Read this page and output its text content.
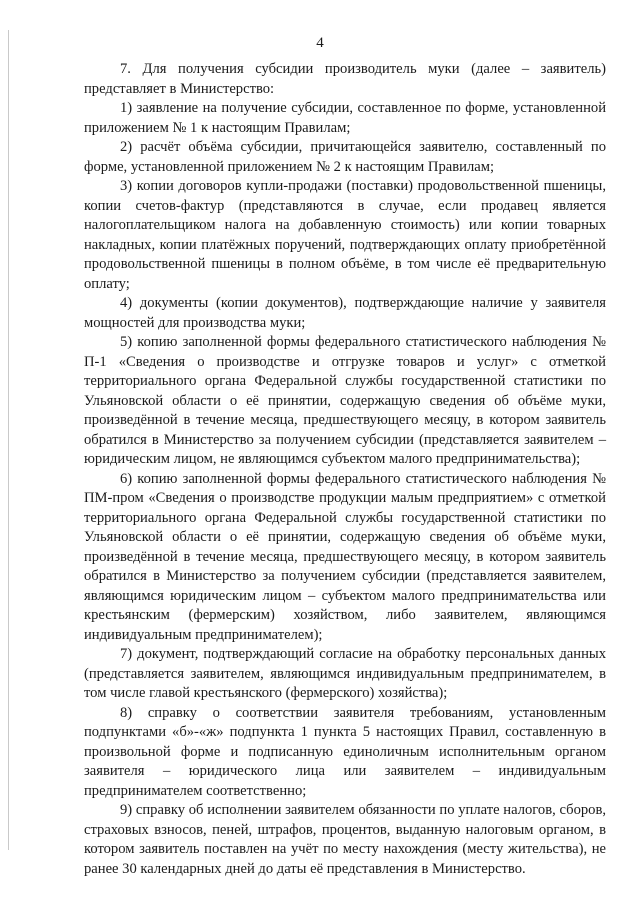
4

7. Для получения субсидии производитель муки (далее – заявитель) представляет в Министерство:

1) заявление на получение субсидии, составленное по форме, установленной приложением № 1 к настоящим Правилам;

2) расчёт объёма субсидии, причитающейся заявителю, составленный по форме, установленной приложением № 2 к настоящим Правилам;

3) копии договоров купли-продажи (поставки) продовольственной пшеницы, копии счетов-фактур (представляются в случае, если продавец является налогоплательщиком налога на добавленную стоимость) или копии товарных накладных, копии платёжных поручений, подтверждающих оплату приобретённой продовольственной пшеницы в полном объёме, в том числе её предварительную оплату;

4) документы (копии документов), подтверждающие наличие у заявителя мощностей для производства муки;

5) копию заполненной формы федерального статистического наблюдения № П-1 «Сведения о производстве и отгрузке товаров и услуг» с отметкой территориального органа Федеральной службы государственной статистики по Ульяновской области о её принятии, содержащую сведения об объёме муки, произведённой в течение месяца, предшествующего месяцу, в котором заявитель обратился в Министерство за получением субсидии (представляется заявителем – юридическим лицом, не являющимся субъектом малого предпринимательства);

6) копию заполненной формы федерального статистического наблюдения № ПМ-пром «Сведения о производстве продукции малым предприятием» с отметкой территориального органа Федеральной службы государственной статистики по Ульяновской области о её принятии, содержащую сведения об объёме муки, произведённой в течение месяца, предшествующего месяцу, в котором заявитель обратился в Министерство за получением субсидии (представляется заявителем, являющимся юридическим лицом – субъектом малого предпринимательства или крестьянским (фермерским) хозяйством, либо заявителем, являющимся индивидуальным предпринимателем);

7) документ, подтверждающий согласие на обработку персональных данных (представляется заявителем, являющимся индивидуальным предпринимателем, в том числе главой крестьянского (фермерского) хозяйства);

8) справку о соответствии заявителя требованиям, установленным подпунктами «б»-«ж» подпункта 1 пункта 5 настоящих Правил, составленную в произвольной форме и подписанную единоличным исполнительным органом заявителя – юридического лица или заявителем – индивидуальным предпринимателем соответственно;

9) справку об исполнении заявителем обязанности по уплате налогов, сборов, страховых взносов, пеней, штрафов, процентов, выданную налоговым органом, в котором заявитель поставлен на учёт по месту нахождения (месту жительства), не ранее 30 календарных дней до даты её представления в Министерство.
